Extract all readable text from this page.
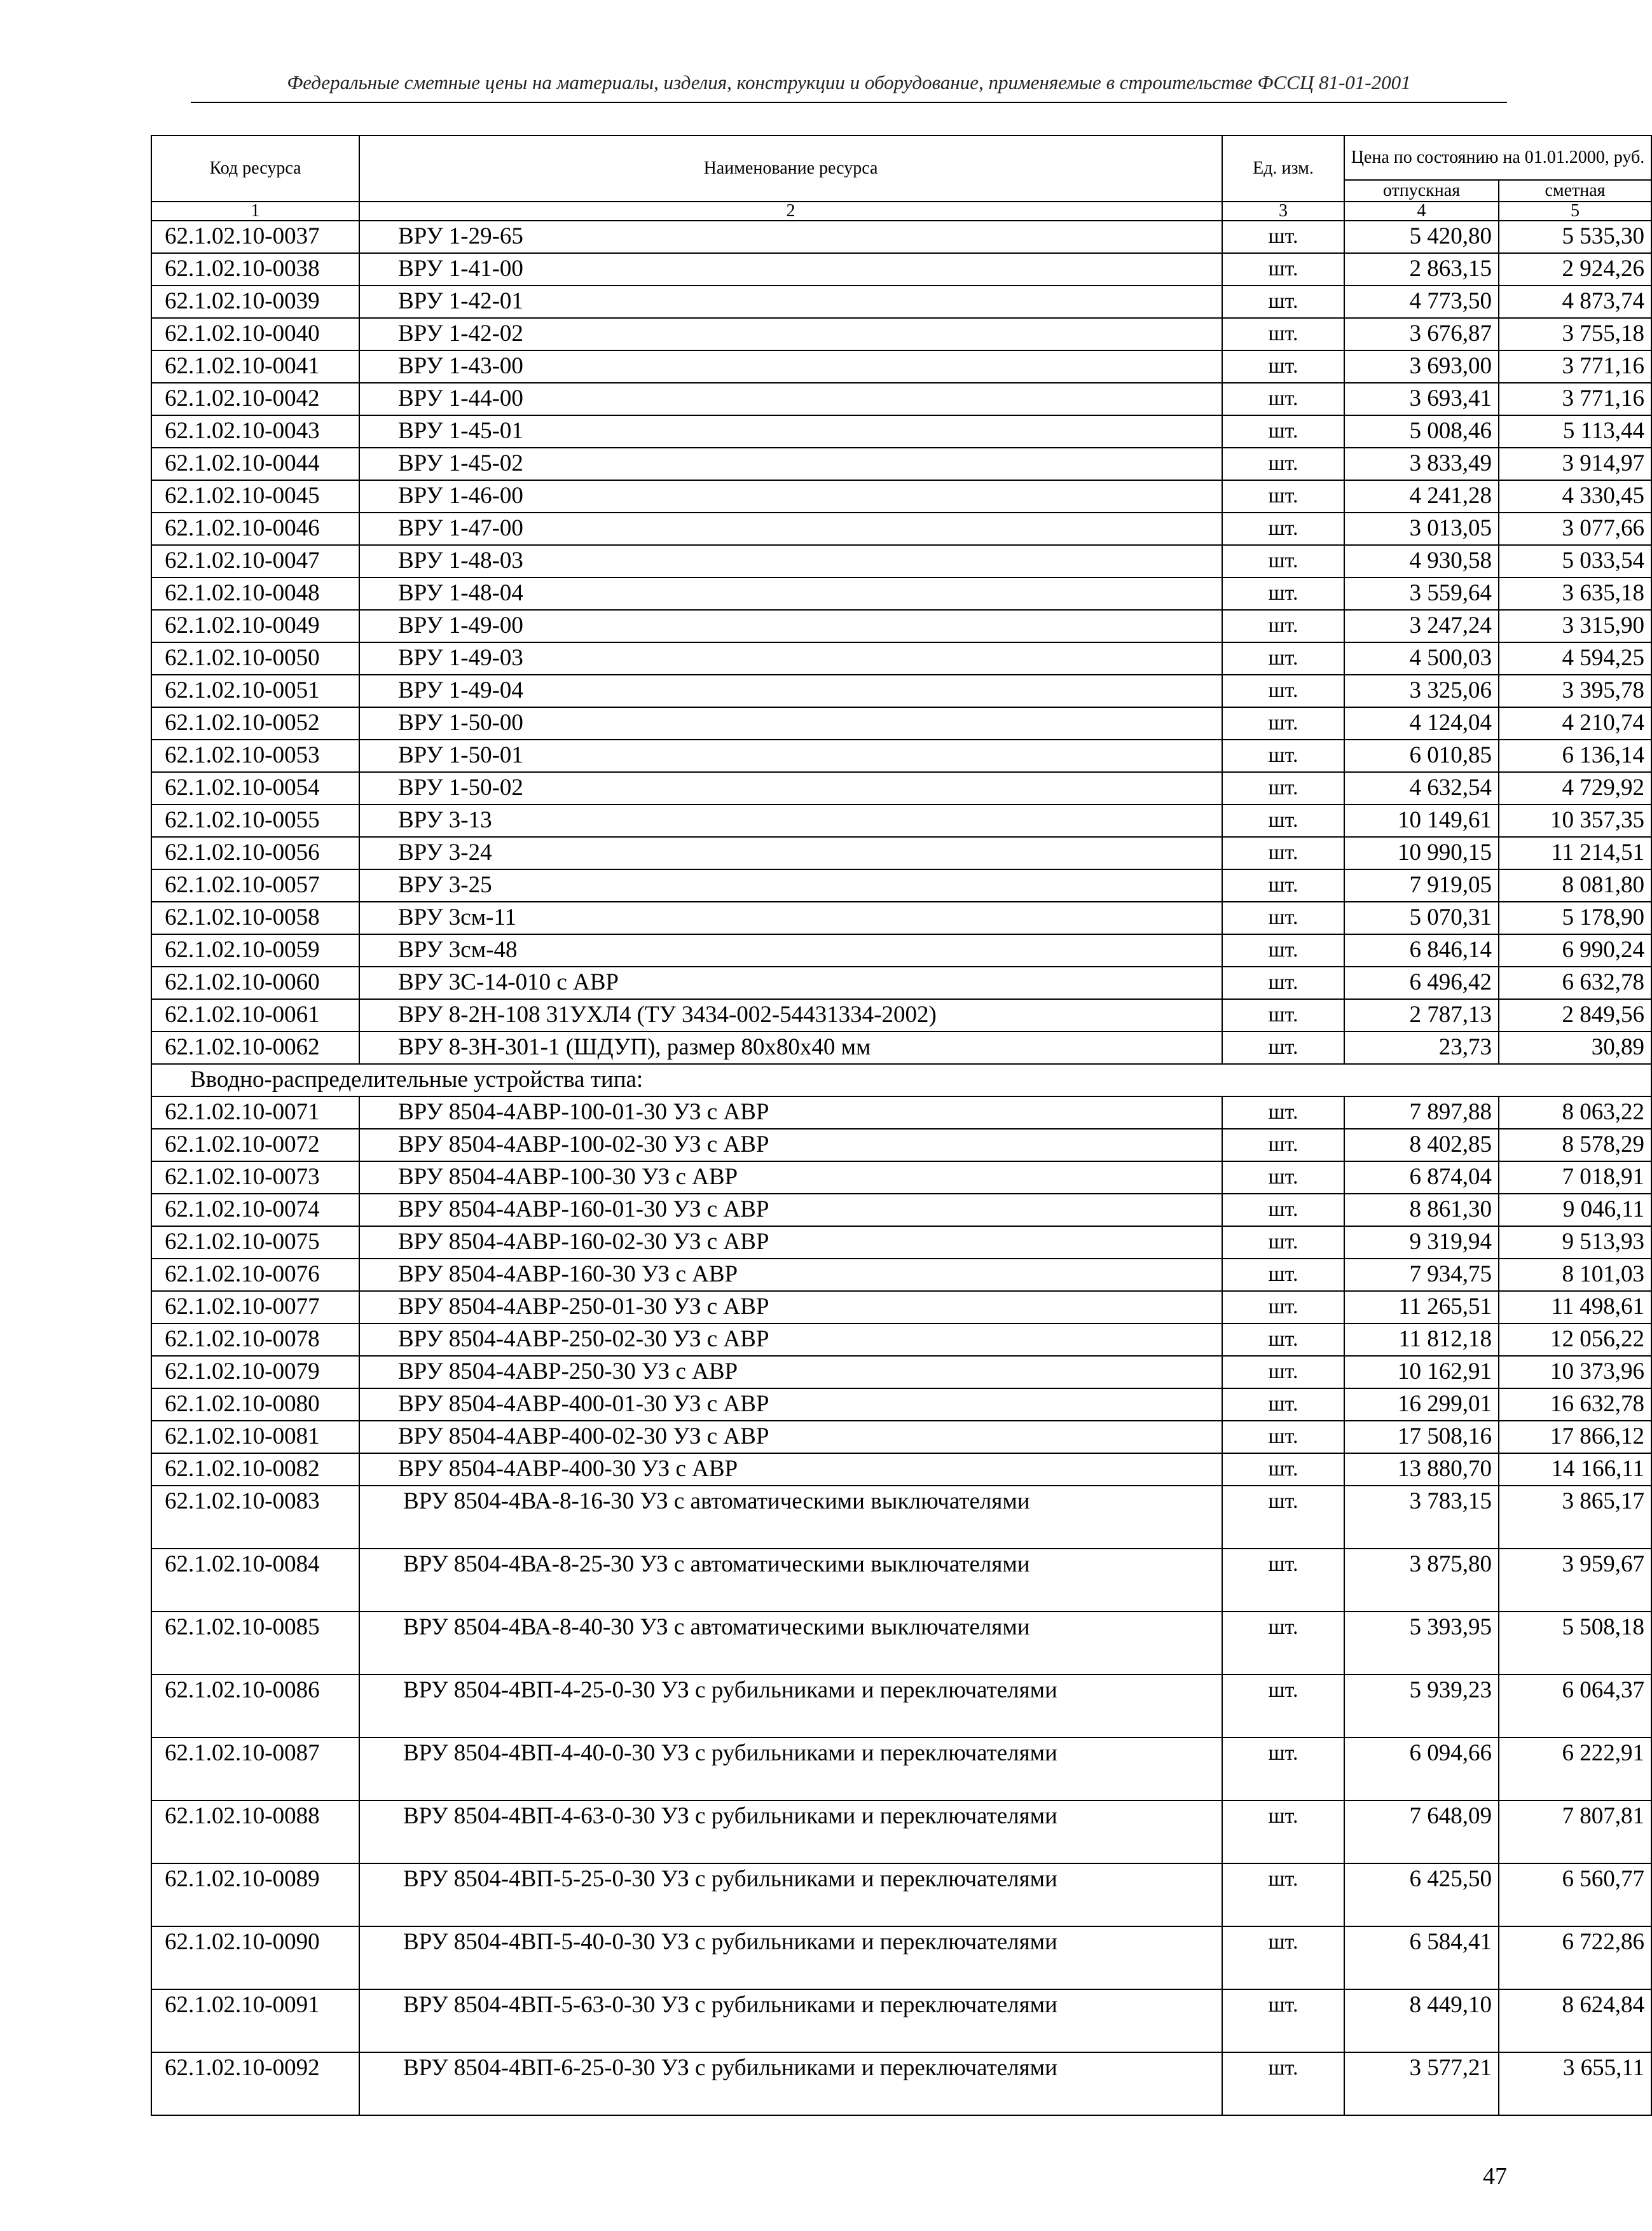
Федеральные сметные цены на материалы, изделия, конструкции и оборудование, применяемые в строительстве ФССЦ 81-01-2001
Код ресурса	Наименование ресурса	Ед. изм.	Цена по состоянию на 01.01.2000, руб.	
			отпускная	сметная
1	2	3	4	5
62.1.02.10-0037	ВРУ 1-29-65	шт.	5 420,80	5 535,30
62.1.02.10-0038	ВРУ 1-41-00	шт.	2 863,15	2 924,26
62.1.02.10-0039	ВРУ 1-42-01	шт.	4 773,50	4 873,74
62.1.02.10-0040	ВРУ 1-42-02	шт.	3 676,87	3 755,18
62.1.02.10-0041	ВРУ 1-43-00	шт.	3 693,00	3 771,16
62.1.02.10-0042	ВРУ 1-44-00	шт.	3 693,41	3 771,16
62.1.02.10-0043	ВРУ 1-45-01	шт.	5 008,46	5 113,44
62.1.02.10-0044	ВРУ 1-45-02	шт.	3 833,49	3 914,97
62.1.02.10-0045	ВРУ 1-46-00	шт.	4 241,28	4 330,45
62.1.02.10-0046	ВРУ 1-47-00	шт.	3 013,05	3 077,66
62.1.02.10-0047	ВРУ 1-48-03	шт.	4 930,58	5 033,54
62.1.02.10-0048	ВРУ 1-48-04	шт.	3 559,64	3 635,18
62.1.02.10-0049	ВРУ 1-49-00	шт.	3 247,24	3 315,90
62.1.02.10-0050	ВРУ 1-49-03	шт.	4 500,03	4 594,25
62.1.02.10-0051	ВРУ 1-49-04	шт.	3 325,06	3 395,78
62.1.02.10-0052	ВРУ 1-50-00	шт.	4 124,04	4 210,74
62.1.02.10-0053	ВРУ 1-50-01	шт.	6 010,85	6 136,14
62.1.02.10-0054	ВРУ 1-50-02	шт.	4 632,54	4 729,92
62.1.02.10-0055	ВРУ 3-13	шт.	10 149,61	10 357,35
62.1.02.10-0056	ВРУ 3-24	шт.	10 990,15	11 214,51
62.1.02.10-0057	ВРУ 3-25	шт.	7 919,05	8 081,80
62.1.02.10-0058	ВРУ 3см-11	шт.	5 070,31	5 178,90
62.1.02.10-0059	ВРУ 3см-48	шт.	6 846,14	6 990,24
62.1.02.10-0060	ВРУ 3С-14-010 с АВР	шт.	6 496,42	6 632,78
62.1.02.10-0061	ВРУ 8-2Н-108 31УХЛ4 (ТУ 3434-002-54431334-2002)	шт.	2 787,13	2 849,56
62.1.02.10-0062	ВРУ 8-3Н-301-1 (ШДУП), размер 80х80х40 мм	шт.	23,73	30,89
Вводно-распределительные устройства типа:				
62.1.02.10-0071	ВРУ 8504-4АВР-100-01-30 УЗ с АВР	шт.	7 897,88	8 063,22
62.1.02.10-0072	ВРУ 8504-4АВР-100-02-30 УЗ с АВР	шт.	8 402,85	8 578,29
62.1.02.10-0073	ВРУ 8504-4АВР-100-30 УЗ с АВР	шт.	6 874,04	7 018,91
62.1.02.10-0074	ВРУ 8504-4АВР-160-01-30 УЗ с АВР	шт.	8 861,30	9 046,11
62.1.02.10-0075	ВРУ 8504-4АВР-160-02-30 УЗ с АВР	шт.	9 319,94	9 513,93
62.1.02.10-0076	ВРУ 8504-4АВР-160-30 УЗ с АВР	шт.	7 934,75	8 101,03
62.1.02.10-0077	ВРУ 8504-4АВР-250-01-30 УЗ с АВР	шт.	11 265,51	11 498,61
62.1.02.10-0078	ВРУ 8504-4АВР-250-02-30 УЗ с АВР	шт.	11 812,18	12 056,22
62.1.02.10-0079	ВРУ 8504-4АВР-250-30 УЗ с АВР	шт.	10 162,91	10 373,96
62.1.02.10-0080	ВРУ 8504-4АВР-400-01-30 УЗ с АВР	шт.	16 299,01	16 632,78
62.1.02.10-0081	ВРУ 8504-4АВР-400-02-30 УЗ с АВР	шт.	17 508,16	17 866,12
62.1.02.10-0082	ВРУ 8504-4АВР-400-30 УЗ с АВР	шт.	13 880,70	14 166,11
62.1.02.10-0083	ВРУ 8504-4ВА-8-16-30 УЗ с автоматическими выключателями	шт.	3 783,15	3 865,17
62.1.02.10-0084	ВРУ 8504-4ВА-8-25-30 УЗ с автоматическими выключателями	шт.	3 875,80	3 959,67
62.1.02.10-0085	ВРУ 8504-4ВА-8-40-30 УЗ с автоматическими выключателями	шт.	5 393,95	5 508,18
62.1.02.10-0086	ВРУ 8504-4ВП-4-25-0-30 УЗ с рубильниками и переключателями	шт.	5 939,23	6 064,37
62.1.02.10-0087	ВРУ 8504-4ВП-4-40-0-30 УЗ с рубильниками и переключателями	шт.	6 094,66	6 222,91
62.1.02.10-0088	ВРУ 8504-4ВП-4-63-0-30 УЗ с рубильниками и переключателями	шт.	7 648,09	7 807,81
62.1.02.10-0089	ВРУ 8504-4ВП-5-25-0-30 УЗ с рубильниками и переключателями	шт.	6 425,50	6 560,77
62.1.02.10-0090	ВРУ 8504-4ВП-5-40-0-30 УЗ с рубильниками и переключателями	шт.	6 584,41	6 722,86
62.1.02.10-0091	ВРУ 8504-4ВП-5-63-0-30 УЗ с рубильниками и переключателями	шт.	8 449,10	8 624,84
62.1.02.10-0092	ВРУ 8504-4ВП-6-25-0-30 УЗ с рубильниками и переключателями	шт.	3 577,21	3 655,11
47
